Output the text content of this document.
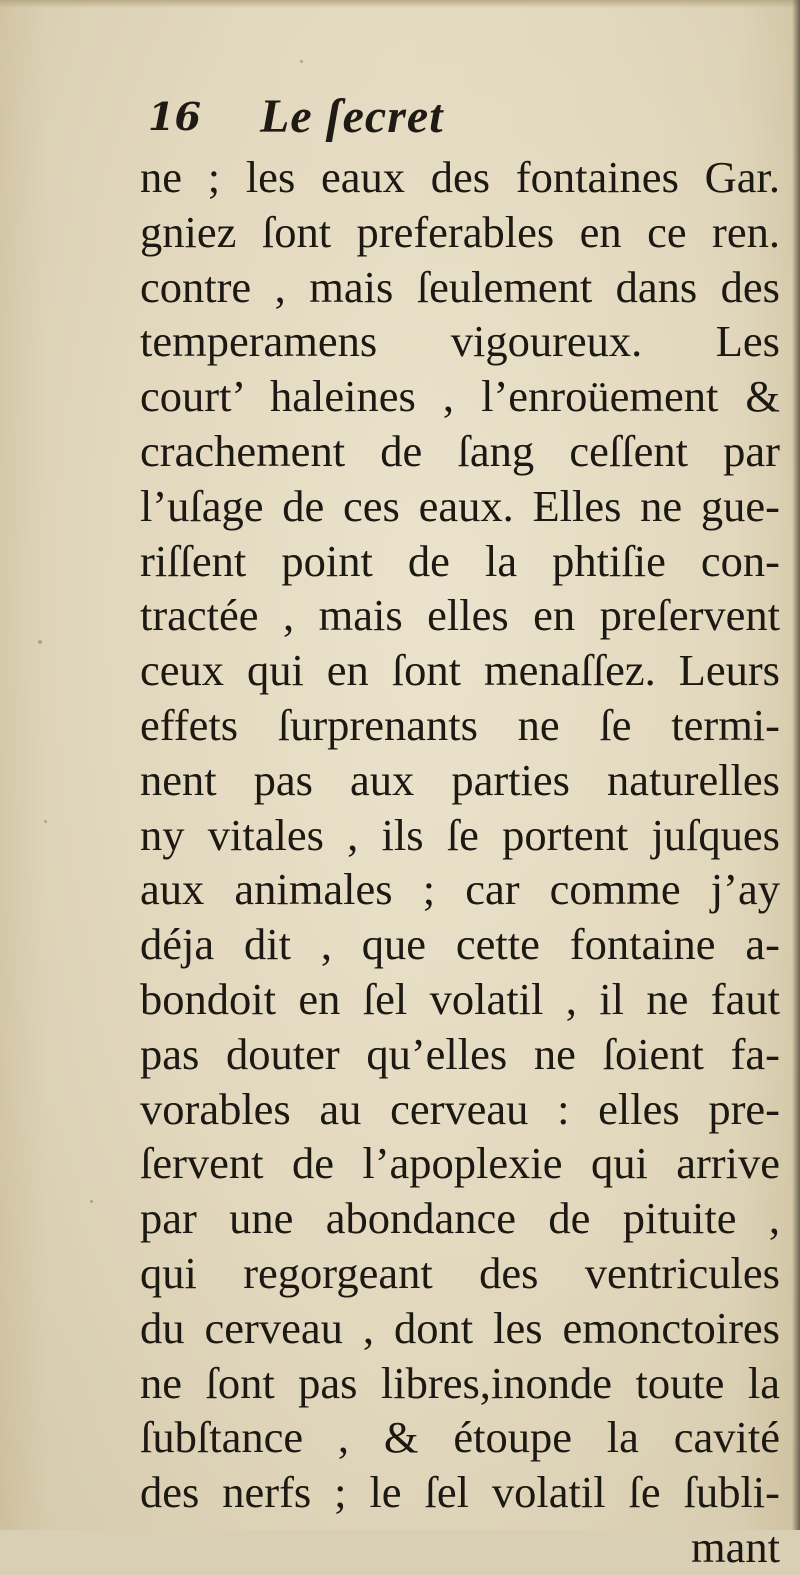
16 Le ſecret
ne ; les eaux des fontaines Gar.
gniez ſont preferables en ce ren.
contre , mais ſeulement dans des
temperamens vigoureux. Les
court’ haleines , l’enroüement &
crachement de ſang ceſſent par
l’uſage de ces eaux. Elles ne gue-
riſſent point de la phtiſie con-
tractée , mais elles en preſervent
ceux qui en ſont menaſſez. Leurs
effets ſurprenants ne ſe termi-
nent pas aux parties naturelles
ny vitales , ils ſe portent juſques
aux animales ; car comme j’ay
déja dit , que cette fontaine a-
bondoit en ſel volatil , il ne faut
pas douter qu’elles ne ſoient fa-
vorables au cerveau : elles pre-
ſervent de l’apoplexie qui arrive
par une abondance de pituite ,
qui regorgeant des ventricules
du cerveau , dont les emonctoires
ne ſont pas libres,inonde toute la
ſubſtance , & étoupe la cavité
des nerfs ; le ſel volatil ſe ſubli-
mant
